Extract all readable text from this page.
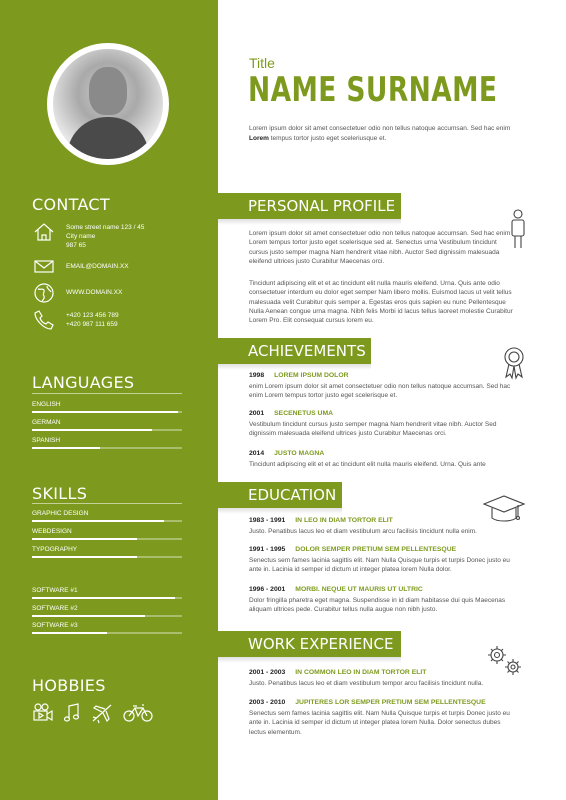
CONTACT
Some street name 123 / 45
City name
987 65
EMAIL@DOMAIN.XX
WWW.DOMAIN.XX
+420 123 456 789
+420 987 111 659
LANGUAGES
ENGLISH
GERMAN
SPANISH
SKILLS
GRAPHIC DESIGN
WEBDESIGN
TYPOGRAPHY
SOFTWARE #1
SOFTWARE #2
SOFTWARE #3
HOBBIES
Title
NAME SURNAME
Lorem ipsum dolor sit amet consectetuer odio non tellus natoque accumsan. Sed hac enim Lorem tempus tortor justo eget sceleriusque et.
PERSONAL PROFILE
Lorem ipsum dolor sit amet consectetuer odio non tellus natoque accumsan. Sed hac enim Lorem tempus tortor justo eget scelerisque sed at. Senectus urna Vestibulum tincidunt cursus justo semper magna Nam hendrerit vitae nibh. Auctor Sed dignissim malesuada eleifend ultrices justo Curabitur Maecenas orci.
Tincidunt adipiscing elit et et ac tincidunt elit nulla mauris eleifend. Urna. Quis ante odio consectetuer interdum eu dolor eget semper Nam libero mollis. Euismod lacus ut velit tellus malesuada velit Curabitur quis semper a. Egestas eros quis sapien eu nunc Pellentesque Nulla Aenean congue urna magna. Nibh felis Morbi id lacus tellus laoreet molestie Curabitur Lorem Pro. Elit consequat cursus lorem eu.
ACHIEVEMENTS
1998 LOREM IPSUM DOLOR
enim Lorem ipsum dolor sit amet consectetuer odio non tellus natoque accumsan. Sed hac enim Lorem tempus tortor justo eget scelerisque et.
2001 SECENETUS UMA
Vestibulum tincidunt cursus justo semper magna Nam hendrerit vitae nibh. Auctor Sed dignissim malesuada eleifend ultrices justo Curabitur Maecenas orci.
2014 JUSTO MAGNA
Tincidunt adipiscing elit et et ac tincidunt elit nulla mauris eleifend. Urna. Quis ante
EDUCATION
1983 - 1991 IN LEO IN DIAM TORTOR ELIT
Justo. Penatibus lacus leo et diam vestibulum arcu facilisis tincidunt nulla enim.
1991 - 1995 DOLOR SEMPER PRETIUM SEM PELLENTESQUE
Senectus sem fames lacinia sagittis elit. Nam Nulla Quisque turpis et turpis Donec justo eu ante in. Lacinia id semper id dictum ut integer platea lorem Nulla dolor.
1996 - 2001 MORBI. NEQUE UT MAURIS UT ULTRIC
Dolor fringilla pharetra eget magna. Suspendisse in id diam habitasse dui quis Maecenas aliquam ultrices pede. Curabitur tellus nulla augue non nibh justo.
WORK EXPERIENCE
2001 - 2003 IN COMMON LEO IN DIAM TORTOR ELIT
Justo. Penatibus lacus leo et diam vestibulum tempor arcu facilisis tincidunt nulla.
2003 - 2010 JUPITERES LOR SEMPER PRETIUM SEM PELLENTESQUE
Senectus sem fames lacinia sagittis elit. Nam Nulla Quisque turpis et turpis Donec justo eu ante in. Lacinia id semper id dictum ut integer platea lorem Nulla. Dolor senectus dubes lectus elementum.
